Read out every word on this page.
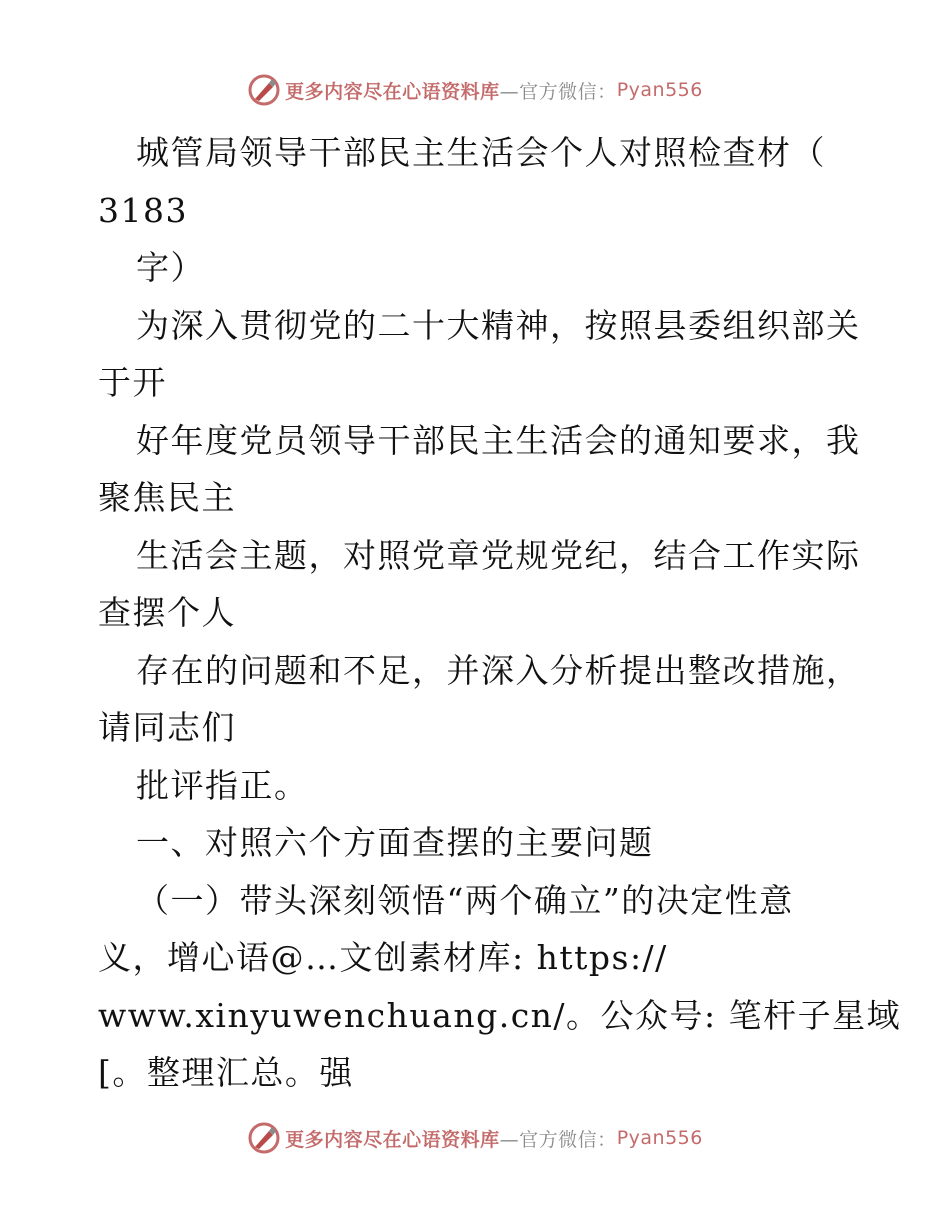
更多内容尽在心语资料库 —官方微信： Pyan556
城管局领导干部民主生活会个人对照检查材（
3183
字）
为深入贯彻党的二十大精神，按照县委组织部关
于开
好年度党员领导干部民主生活会的通知要求，我
聚焦民主
生活会主题，对照党章党规党纪，结合工作实际
查摆个人
存在的问题和不足，并深入分析提出整改措施，
请同志们
批评指正。
一、对照六个方面查摆的主要问题
（一）带头深刻领悟“两个确立”的决定性意
义，增心语@…文创素材库: https://
www.xinyuwenchuang.cn/。公众号: 笔杆子星域
[。整理汇总。强
更多内容尽在心语资料库 —官方微信： Pyan556
